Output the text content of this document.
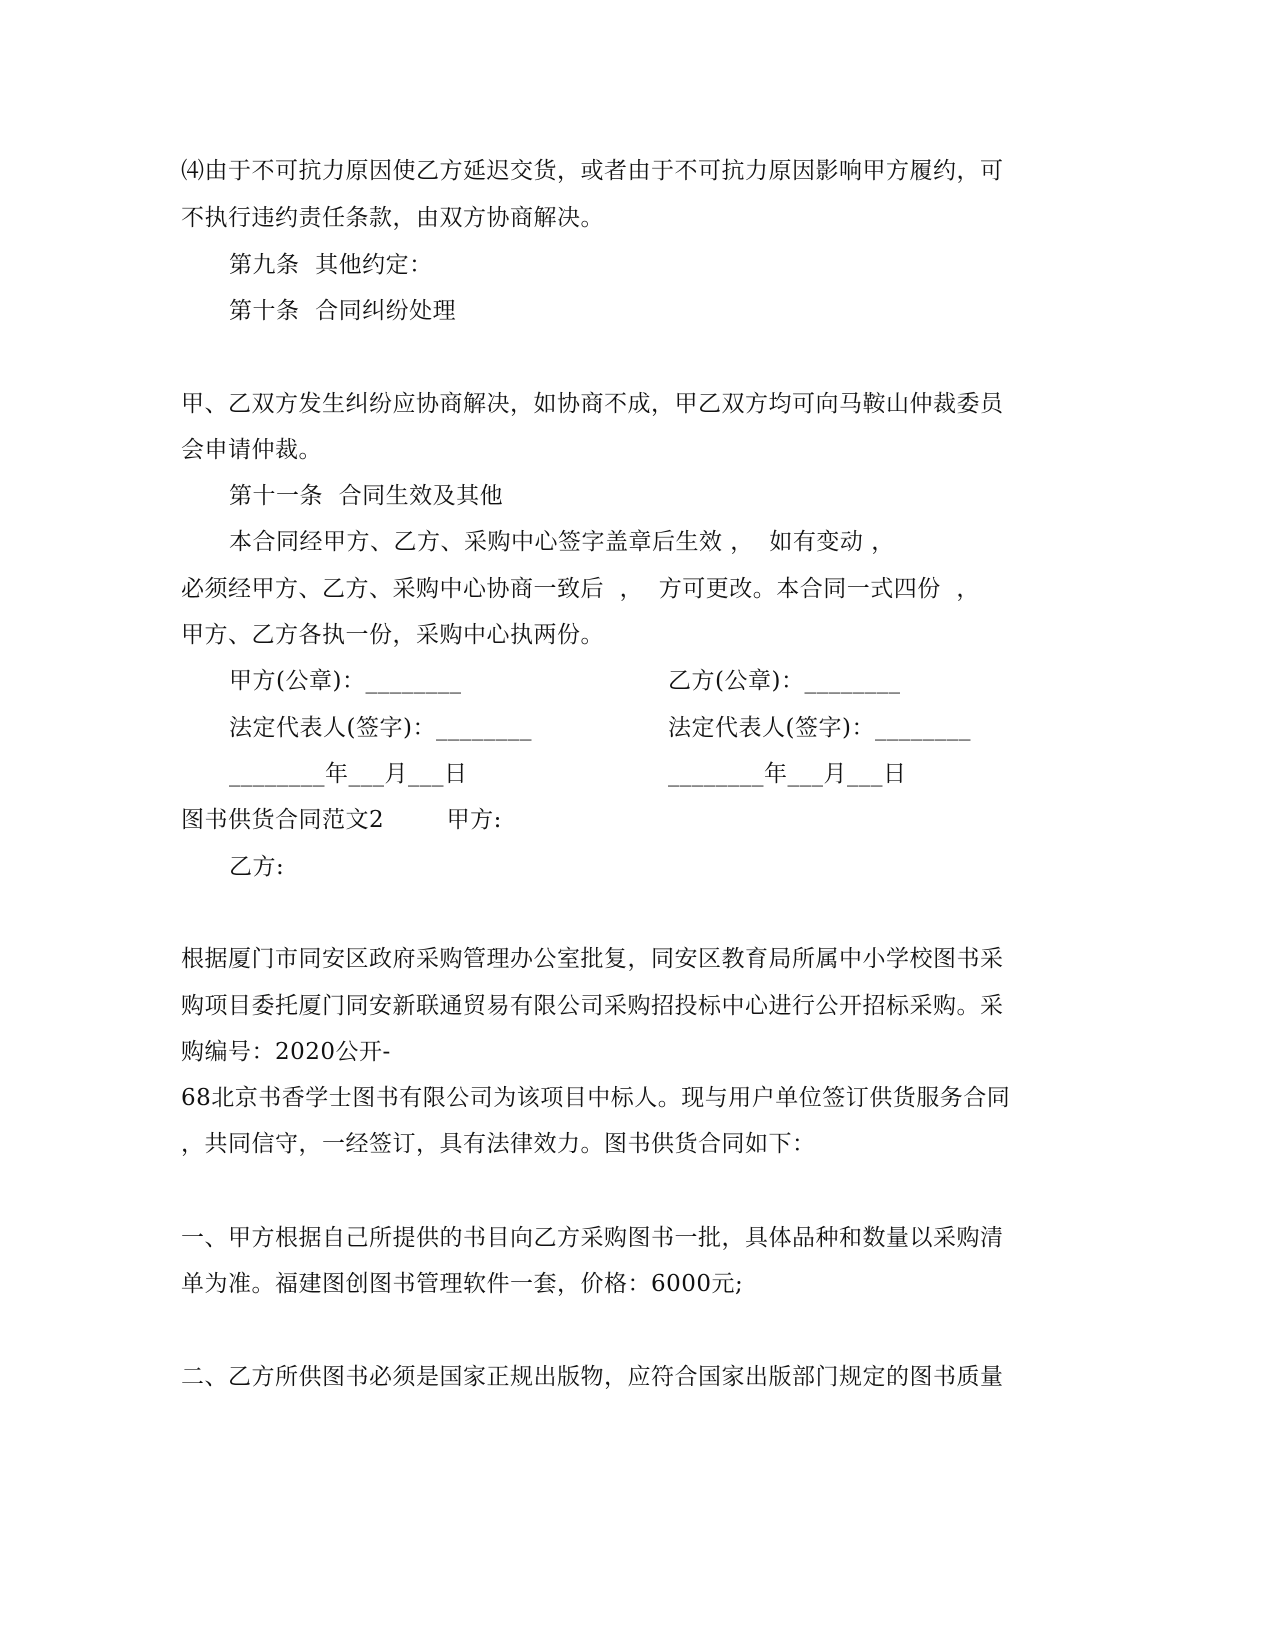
⑷由于不可抗力原因使乙方延迟交货，或者由于不可抗力原因影响甲方履约，可
不执行违约责任条款，由双方协商解决。
第九条  其他约定：
第十条  合同纠纷处理
甲、乙双方发生纠纷应协商解决，如协商不成，甲乙双方均可向马鞍山仲裁委员
会申请仲裁。
第十一条  合同生效及其他
本合同经甲方、乙方、采购中心签字盖章后生效 ，  如有变动 ，
必须经甲方、乙方、采购中心协商一致后  ，  方可更改。本合同一式四份  ，
甲方、乙方各执一份，采购中心执两份。
甲方(公章)：________	乙方(公章)：________
法定代表人(签字)：________	法定代表人(签字)：________
________年___月___日	________年___月___日
图书供货合同范文2        甲方:
乙方:
根据厦门市同安区政府采购管理办公室批复，同安区教育局所属中小学校图书采
购项目委托厦门同安新联通贸易有限公司采购招投标中心进行公开招标采购。采
购编号：2020公开-
68北京书香学士图书有限公司为该项目中标人。现与用户单位签订供货服务合同
，共同信守，一经签订，具有法律效力。图书供货合同如下：
一、甲方根据自己所提供的书目向乙方采购图书一批，具体品种和数量以采购清
单为准。福建图创图书管理软件一套，价格：6000元;
二、乙方所供图书必须是国家正规出版物，应符合国家出版部门规定的图书质量
